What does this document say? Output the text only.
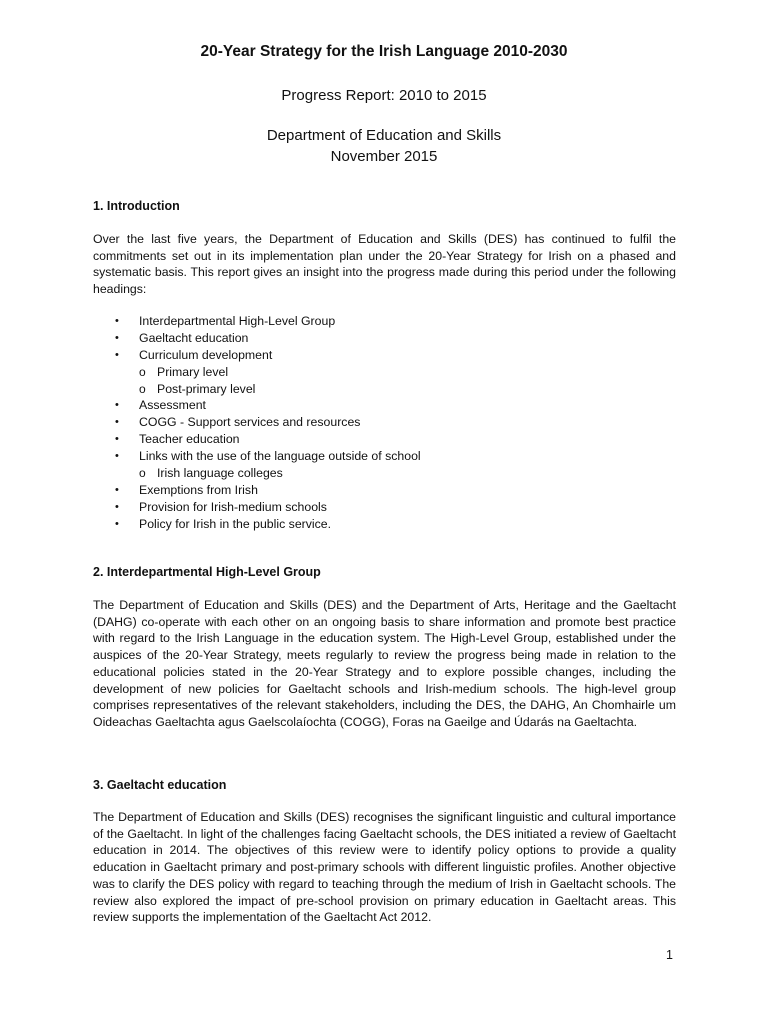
20-Year Strategy for the Irish Language 2010-2030
Progress Report: 2010 to 2015
Department of Education and Skills
November 2015
1. Introduction

Over the last five years, the Department of Education and Skills (DES) has continued to fulfil the commitments set out in its implementation plan under the 20-Year Strategy for Irish on a phased and systematic basis. This report gives an insight into the progress made during this period under the following headings:

• Interdepartmental High-Level Group
• Gaeltacht education
• Curriculum development
o Primary level
o Post-primary level
• Assessment
• COGG - Support services and resources
• Teacher education
• Links with the use of the language outside of school
o Irish language colleges
• Exemptions from Irish
• Provision for Irish-medium schools
• Policy for Irish in the public service.
2. Interdepartmental High-Level Group

The Department of Education and Skills (DES) and the Department of Arts, Heritage and the Gaeltacht (DAHG) co-operate with each other on an ongoing basis to share information and promote best practice with regard to the Irish Language in the education system. The High-Level Group, established under the auspices of the 20-Year Strategy, meets regularly to review the progress being made in relation to the educational policies stated in the 20-Year Strategy and to explore possible changes, including the development of new policies for Gaeltacht schools and Irish-medium schools. The high-level group comprises representatives of the relevant stakeholders, including the DES, the DAHG, An Chomhairle um Oideachas Gaeltachta agus Gaelscolaíochta (COGG), Foras na Gaeilge and Údarás na Gaeltachta.

3. Gaeltacht education

The Department of Education and Skills (DES) recognises the significant linguistic and cultural importance of the Gaeltacht. In light of the challenges facing Gaeltacht schools, the DES initiated a review of Gaeltacht education in 2014. The objectives of this review were to identify policy options to provide a quality education in Gaeltacht primary and post-primary schools with different linguistic profiles. Another objective was to clarify the DES policy with regard to teaching through the medium of Irish in Gaeltacht schools. The review also explored the impact of pre-school provision on primary education in Gaeltacht areas. This review supports the implementation of the Gaeltacht Act 2012.

1
